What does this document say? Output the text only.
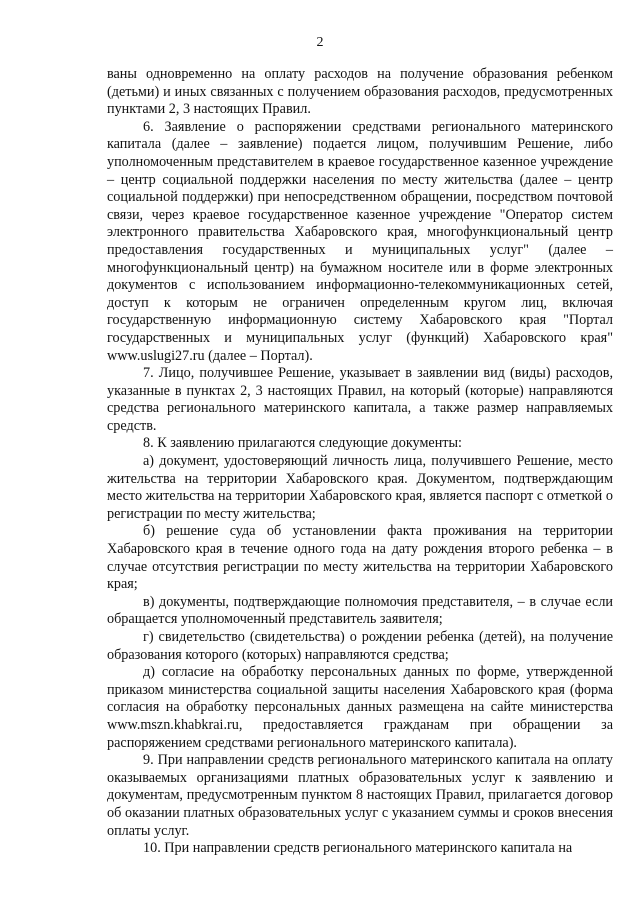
2

ваны одновременно на оплату расходов на получение образования ребенком (детьми) и иных связанных с получением образования расходов, предусмотренных пунктами 2, 3 настоящих Правил.

6. Заявление о распоряжении средствами регионального материнского капитала (далее – заявление) подается лицом, получившим Решение, либо уполномоченным представителем в краевое государственное казенное учреждение – центр социальной поддержки населения по месту жительства (далее – центр социальной поддержки) при непосредственном обращении, посредством почтовой связи, через краевое государственное казенное учреждение "Оператор систем электронного правительства Хабаровского края, многофункциональный центр предоставления государственных и муниципальных услуг" (далее – многофункциональный центр) на бумажном носителе или в форме электронных документов с использованием информационно-телекоммуникационных сетей, доступ к которым не ограничен определенным кругом лиц, включая государственную информационную систему Хабаровского края "Портал государственных и муниципальных услуг (функций) Хабаровского края" www.uslugi27.ru (далее – Портал).

7. Лицо, получившее Решение, указывает в заявлении вид (виды) расходов, указанные в пунктах 2, 3 настоящих Правил, на который (которые) направляются средства регионального материнского капитала, а также размер направляемых средств.

8. К заявлению прилагаются следующие документы:

а) документ, удостоверяющий личность лица, получившего Решение, место жительства на территории Хабаровского края. Документом, подтверждающим место жительства на территории Хабаровского края, является паспорт с отметкой о регистрации по месту жительства;

б) решение суда об установлении факта проживания на территории Хабаровского края в течение одного года на дату рождения второго ребенка – в случае отсутствия регистрации по месту жительства на территории Хабаровского края;

в) документы, подтверждающие полномочия представителя, – в случае если обращается уполномоченный представитель заявителя;

г) свидетельство (свидетельства) о рождении ребенка (детей), на получение образования которого (которых) направляются средства;

д) согласие на обработку персональных данных по форме, утвержденной приказом министерства социальной защиты населения Хабаровского края (форма согласия на обработку персональных данных размещена на сайте министерства www.mszn.khabkrai.ru, предоставляется гражданам при обращении за распоряжением средствами регионального материнского капитала).

9. При направлении средств регионального материнского капитала на оплату оказываемых организациями платных образовательных услуг к заявлению и документам, предусмотренным пунктом 8 настоящих Правил, прилагается договор об оказании платных образовательных услуг с указанием суммы и сроков внесения оплаты услуг.

10. При направлении средств регионального материнского капитала на
